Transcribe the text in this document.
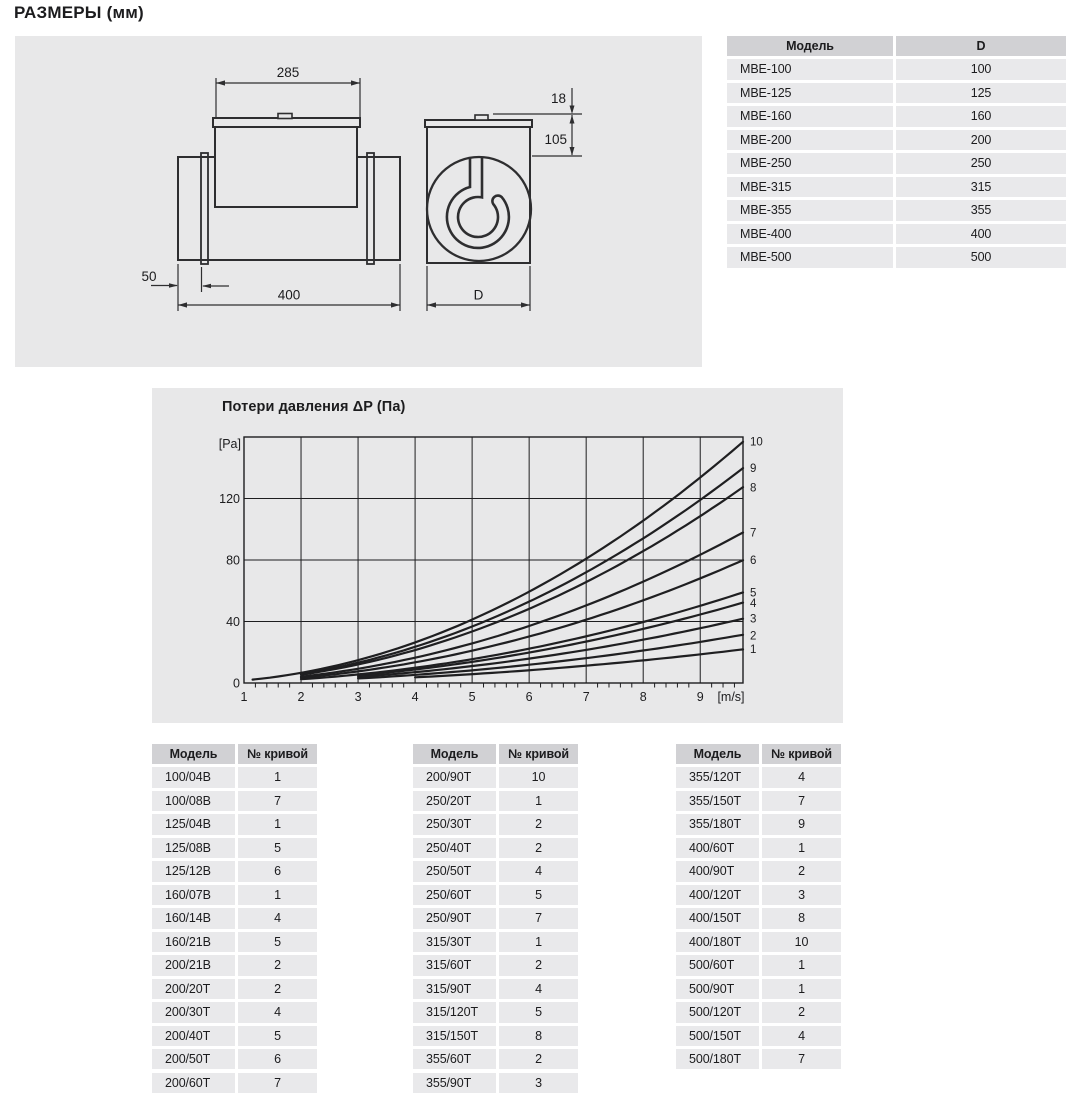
РАЗМЕРЫ (мм)
285
400
50
D
18
105
Модель	D
МВЕ-100	100
МВЕ-125	125
МВЕ-160	160
МВЕ-200	200
МВЕ-250	250
МВЕ-315	315
МВЕ-355	355
МВЕ-400	400
МВЕ-500	500
Потери давления ΔP (Па)
1	2	3	4	5	6	7	8	9
0
40
80
120
[Pa]
[m/s]
1
2
3
4
5
6
7
8
9
10
Модель	№ кривой
100/04В	1
100/08В	7
125/04В	1
125/08В	5
125/12В	6
160/07В	1
160/14В	4
160/21В	5
200/21В	2
200/20Т	2
200/30Т	4
200/40Т	5
200/50Т	6
200/60Т	7
Модель	№ кривой
200/90Т	10
250/20Т	1
250/30Т	2
250/40Т	2
250/50Т	4
250/60Т	5
250/90Т	7
315/30Т	1
315/60Т	2
315/90Т	4
315/120Т	5
315/150Т	8
355/60Т	2
355/90Т	3
Модель	№ кривой
355/120Т	4
355/150Т	7
355/180Т	9
400/60Т	1
400/90Т	2
400/120Т	3
400/150Т	8
400/180Т	10
500/60Т	1
500/90Т	1
500/120Т	2
500/150Т	4
500/180Т	7
